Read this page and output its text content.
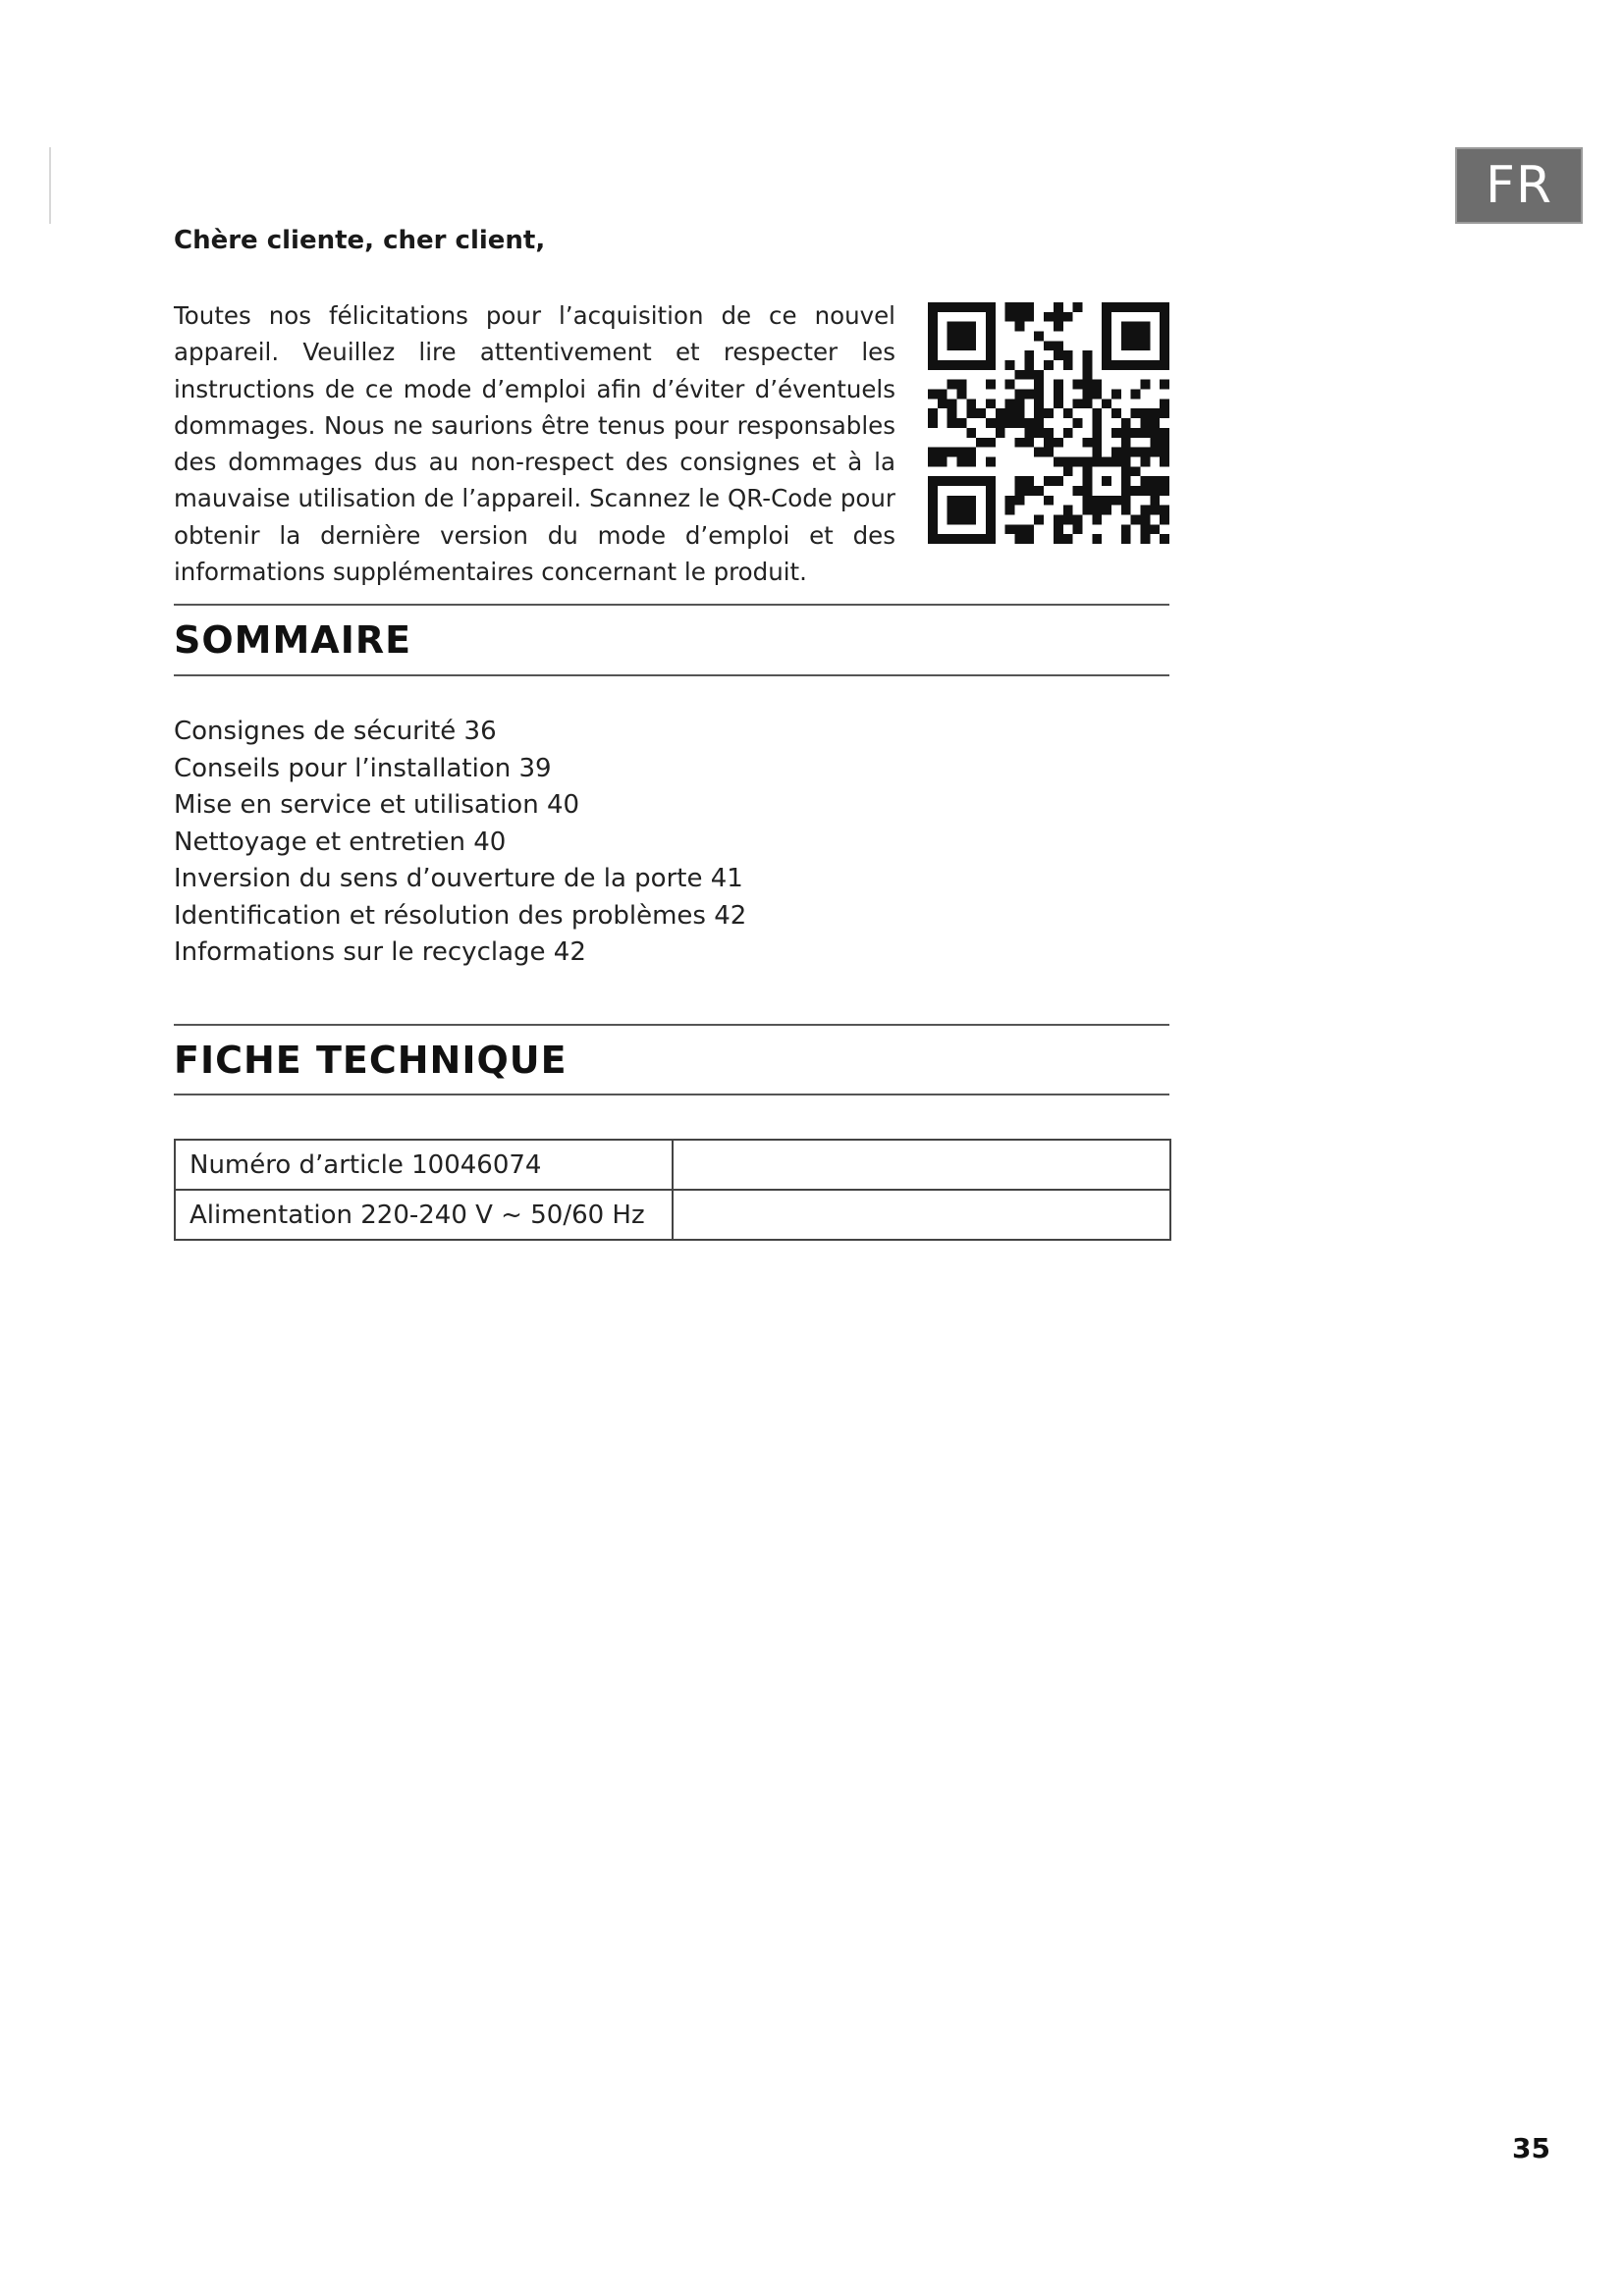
FR

Chère cliente, cher client,

Toutes nos félicitations pour l’acquisition de ce nouvel appareil. Veuillez lire attentivement et respecter les instructions de ce mode d’emploi afin d’éviter d’éventuels dommages. Nous ne saurions être tenus pour responsables des dommages dus au non-respect des consignes et à la mauvaise utilisation de l’appareil. Scannez le QR-Code pour obtenir la dernière version du mode d’emploi et des informations supplémentaires concernant le produit.

SOMMAIRE
Consignes de sécurité 36
Conseils pour l’installation 39
Mise en service et utilisation 40
Nettoyage et entretien 40
Inversion du sens d’ouverture de la porte 41
Identification et résolution des problèmes 42
Informations sur le recyclage 42
FICHE TECHNIQUE
Numéro d’article 10046074	
Alimentation 220-240 V ~ 50/60 Hz	
35
